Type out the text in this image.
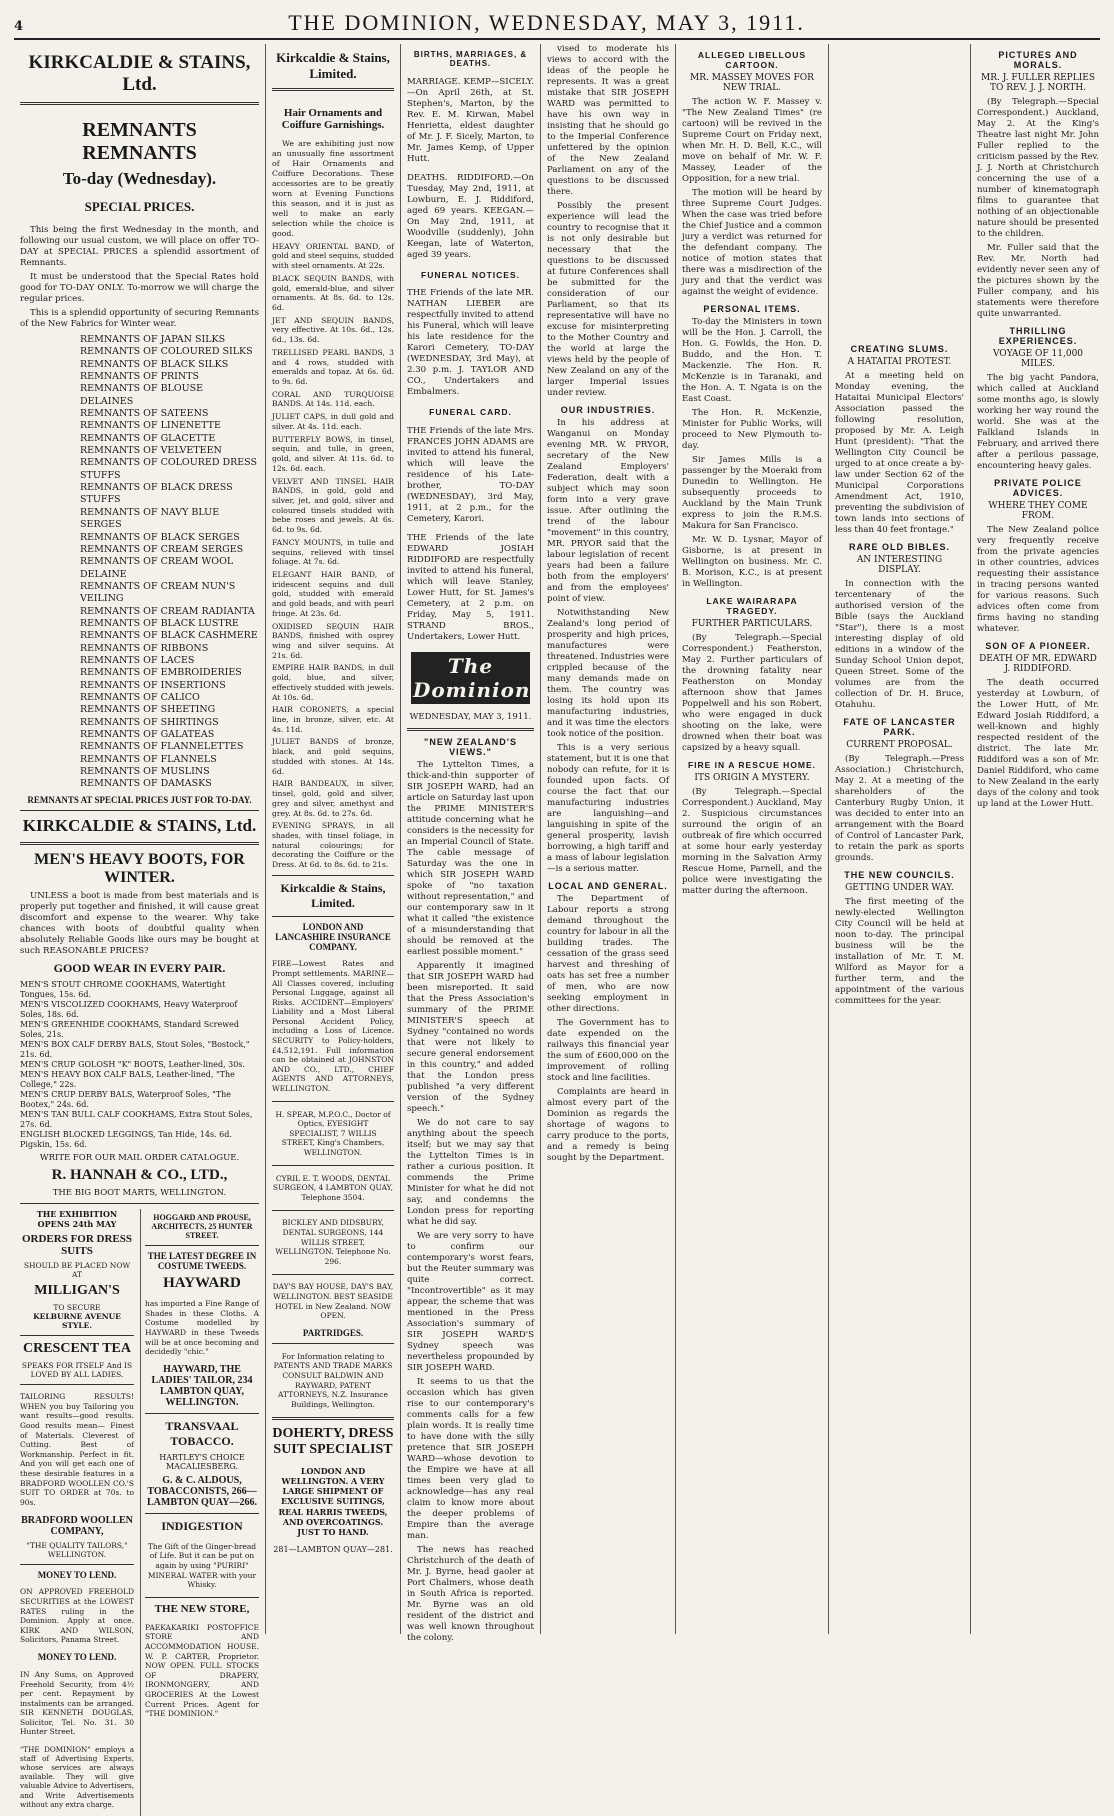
4	THE DOMINION, WEDNESDAY, MAY 3, 1911.
KIRKCALDIE & STAINS, Ltd.
REMNANTS REMNANTS
To-day (Wednesday).
SPECIAL PRICES.

This being the first Wednesday in the month, and following our usual custom, we will place on offer TO-DAY at SPECIAL PRICES a splendid assortment of Remnants.

It must be understood that the Special Rates hold good for TO-DAY ONLY. To-morrow we will charge the regular prices.

This is a splendid opportunity of securing Remnants of the New Fabrics for Winter wear.

REMNANTS OF JAPAN SILKS
REMNANTS OF COLOURED SILKS
REMNANTS OF BLACK SILKS
REMNANTS OF PRINTS
REMNANTS OF BLOUSE DELAINES
REMNANTS OF SATEENS
REMNANTS OF LINENETTE
REMNANTS OF GLACETTE
REMNANTS OF VELVETEEN
REMNANTS OF COLOURED DRESS STUFFS
REMNANTS OF BLACK DRESS STUFFS
REMNANTS OF NAVY BLUE SERGES
REMNANTS OF BLACK SERGES
REMNANTS OF CREAM SERGES
REMNANTS OF CREAM WOOL DELAINE
REMNANTS OF CREAM NUN'S VEILING
REMNANTS OF CREAM RADIANTA
REMNANTS OF BLACK LUSTRE
REMNANTS OF BLACK CASHMERE
REMNANTS OF RIBBONS
REMNANTS OF LACES
REMNANTS OF EMBROIDERIES
REMNANTS OF INSERTIONS
REMNANTS OF CALICO
REMNANTS OF SHEETING
REMNANTS OF SHIRTINGS
REMNANTS OF GALATEAS
REMNANTS OF FLANNELETTES
REMNANTS OF FLANNELS
REMNANTS OF MUSLINS
REMNANTS OF DAMASKS
REMNANTS AT SPECIAL PRICES JUST FOR TO-DAY.
KIRKCALDIE & STAINS, Ltd.
MEN'S HEAVY BOOTS, FOR WINTER.

UNLESS a boot is made from best materials and is properly put together and finished, it will cause great discomfort and expense to the wearer. Why take chances with boots of doubtful quality when absolutely Reliable Goods like ours may be bought at such REASONABLE PRICES?

GOOD WEAR IN EVERY PAIR.
MEN'S STOUT CHROME COOKHAMS, Watertight Tongues, 15s. 6d.
MEN'S VISCOLIZED COOKHAMS, Heavy Waterproof Soles, 18s. 6d.
MEN'S GREENHIDE COOKHAMS, Standard Screwed Soles, 21s.
MEN'S BOX CALF DERBY BALS, Stout Soles, "Bostock," 21s. 6d.
MEN'S CRUP GOLOSH "K" BOOTS, Leather-lined, 30s.
MEN'S HEAVY BOX CALF BALS, Leather-lined, "The College," 22s.
MEN'S CRUP DERBY BALS, Waterproof Soles, "The Bootex," 24s. 6d.
MEN'S TAN BULL CALF COOKHAMS, Extra Stout Soles, 27s. 6d.
ENGLISH BLOCKED LEGGINGS, Tan Hide, 14s. 6d. Pigskin, 15s. 6d.
WRITE FOR OUR MAIL ORDER CATALOGUE.
R. HANNAH & CO., LTD.,
THE BIG BOOT MARTS, WELLINGTON.
THE EXHIBITION OPENS 24th MAY
ORDERS FOR DRESS SUITS
SHOULD BE PLACED NOW AT
MILLIGAN'S
TO SECURE
KELBURNE AVENUE STYLE.
CRESCENT TEA
SPEAKS FOR ITSELF And IS LOVED BY ALL LADIES.

TAILORING RESULTS! WHEN you buy Tailoring you want results—good results. Good results mean— Finest of Materials. Cleverest of Cutting. Best of Workmanship. Perfect in fit. And you will get each one of these desirable features in a BRADFORD WOOLLEN CO.'S SUIT TO ORDER at 70s. to 90s.

BRADFORD WOOLLEN COMPANY,
"THE QUALITY TAILORS," WELLINGTON.
MONEY TO LEND.

ON APPROVED FREEHOLD SECURITIES at the LOWEST RATES ruling in the Dominion. Apply at once. KIRK AND WILSON, Solicitors, Panama Street.

MONEY TO LEND.

IN Any Sums, on Approved Freehold Security, from 4½ per cent. Repayment by instalments can be arranged. SIR KENNETH DOUGLAS, Solicitor, Tel. No. 31. 30 Hunter Street.

"THE DOMINION" employs a staff of Advertising Experts, whose services are always available. They will give valuable Advice to Advertisers, and Write Advertisements without any extra charge.

HOGGARD AND PROUSE, ARCHITECTS, 25 HUNTER STREET.
THE LATEST DEGREE IN COSTUME TWEEDS.
HAYWARD

has imported a Fine Range of Shades in these Cloths. A Costume modelled by HAYWARD in these Tweeds will be at once becoming and decidedly "chic."

HAYWARD, THE LADIES' TAILOR, 234 LAMBTON QUAY, WELLINGTON.
TRANSVAAL TOBACCO.
HARTLEY'S CHOICE MACALIESBERG.
G. & C. ALDOUS, TOBACCONISTS, 266—LAMBTON QUAY—266.
INDIGESTION

The Gift of the Ginger-bread of Life. But it can be put on again by using "PURIRI" MINERAL WATER with your Whisky.

THE NEW STORE,

PAEKAKARIKI POSTOFFICE STORE AND ACCOMMODATION HOUSE. W. P. CARTER, Proprietor. NOW OPEN. FULL STOCKS OF DRAPERY, IRONMONGERY, AND GROCERIES At the Lowest Current Prices. Agent for "THE DOMINION."

Kirkcaldie & Stains, Limited.
Hair Ornaments and Coiffure Garnishings.

We are exhibiting just now an unusually fine assortment of Hair Ornaments and Coiffure Decorations. These accessories are to be greatly worn at Evening Functions this season, and it is just as well to make an early selection while the choice is good.

HEAVY ORIENTAL BAND, of gold and steel sequins, studded with steel ornaments. At 22s.

BLACK SEQUIN BANDS, with gold, emerald-blue, and silver ornaments. At 8s. 6d. to 12s. 6d.

JET AND SEQUIN BANDS, very effective. At 10s. 6d., 12s. 6d., 13s. 6d.

TRELLISED PEARL BANDS, 3 and 4 rows, studded with emeralds and topaz. At 6s. 6d. to 9s. 6d.

CORAL AND TURQUOISE BANDS. At 14s. 11d. each.

JULIET CAPS, in dull gold and silver. At 4s. 11d. each.

BUTTERFLY BOWS, in tinsel, sequin, and tulle, in green, gold, and silver. At 11s. 6d. to 12s. 6d. each.

VELVET AND TINSEL HAIR BANDS, in gold, gold and silver, jet, and gold, silver and coloured tinsels studded with bebe roses and jewels. At 6s. 6d. to 9s. 6d.

FANCY MOUNTS, in tulle and sequins, relieved with tinsel foliage. At 7s. 6d.

ELEGANT HAIR BAND, of iridescent sequins and dull gold, studded with emerald and gold beads, and with pearl fringe. At 23s. 6d.

OXIDISED SEQUIN HAIR BANDS, finished with osprey wing and silver sequins. At 21s. 6d.

EMPIRE HAIR BANDS, in dull gold, blue, and silver, effectively studded with jewels. At 10s. 6d.

HAIR CORONETS, a special line, in bronze, silver, etc. At 4s. 11d.

JULIET BANDS of bronze, black, and gold sequins, studded with stones. At 14s. 6d.

HAIR BANDEAUX, in silver, tinsel, gold, gold and silver, grey and silver, amethyst and grey. At 8s. 6d. to 27s. 6d.

EVENING SPRAYS, in all shades, with tinsel foliage, in natural colourings; for decorating the Coiffure or the Dress. At 6d. to 8s. 6d. to 21s.

Kirkcaldie & Stains, Limited.
LONDON AND LANCASHIRE INSURANCE COMPANY.

FIRE—Lowest Rates and Prompt settlements. MARINE—All Classes covered, including Personal Luggage, against all Risks. ACCIDENT—Employers' Liability and a Most Liberal Personal Accident Policy, including a Loss of Licence. SECURITY to Policy-holders, £4,512,191. Full information can be obtained at JOHNSTON AND CO., LTD., CHIEF AGENTS AND ATTORNEYS, WELLINGTON.

H. SPEAR, M.P.O.C., Doctor of Optics, EYESIGHT SPECIALIST, 7 WILLIS STREET, King's Chambers, WELLINGTON.

CYRIL E. T. WOODS, DENTAL SURGEON, 4 LAMBTON QUAY, Telephone 3504.

BICKLEY AND DIDSBURY, DENTAL SURGEONS, 144 WILLIS STREET, WELLINGTON. Telephone No. 296.

DAY'S BAY HOUSE, DAY'S BAY, WELLINGTON. BEST SEASIDE HOTEL in New Zealand. NOW OPEN.

PARTRIDGES.

For Information relating to PATENTS AND TRADE MARKS CONSULT BALDWIN AND RAYWARD, PATENT ATTORNEYS, N.Z. Insurance Buildings, Wellington.

DOHERTY, DRESS SUIT SPECIALIST

LONDON AND WELLINGTON. A VERY LARGE SHIPMENT OF EXCLUSIVE SUITINGS, REAL HARRIS TWEEDS, AND OVERCOATINGS. JUST TO HAND.

281—LAMBTON QUAY—281.
BIRTHS, MARRIAGES, & DEATHS.

MARRIAGE. KEMP—SICELY.—On April 26th, at St. Stephen's, Marton, by the Rev. E. M. Kirwan, Mabel Henrietta, eldest daughter of Mr. J. F. Sicely, Marton, to Mr. James Kemp, of Upper Hutt.

DEATHS. RIDDIFORD.—On Tuesday, May 2nd, 1911, at Lowburn, E. J. Riddiford, aged 69 years. KEEGAN.—On May 2nd, 1911, at Woodville (suddenly), John Keegan, late of Waterton, aged 39 years.

FUNERAL NOTICES.

THE Friends of the late MR. NATHAN LIEBER are respectfully invited to attend his Funeral, which will leave his late residence for the Karori Cemetery, TO-DAY (WEDNESDAY, 3rd May), at 2.30 p.m. J. TAYLOR AND CO., Undertakers and Embalmers.

FUNERAL CARD.

THE Friends of the late Mrs. FRANCES JOHN ADAMS are invited to attend his funeral, which will leave the residence of his Late-brother, TO-DAY (WEDNESDAY), 3rd May, 1911, at 2 p.m., for the Cemetery, Karori.

THE Friends of the late EDWARD JOSIAH RIDDIFORD are respectfully invited to attend his funeral, which will leave Stanley, Lower Hutt, for St. James's Cemetery, at 2 p.m. on Friday, May 5, 1911. STRAND BROS., Undertakers, Lower Hutt.

The Dominion.
WEDNESDAY, MAY 3, 1911.
"NEW ZEALAND'S VIEWS."

The Lyttelton Times, a thick-and-thin supporter of SIR JOSEPH WARD, had an article on Saturday last upon the PRIME MINISTER'S attitude concerning what he considers is the necessity for an Imperial Council of State. The cable message of Saturday was the one in which SIR JOSEPH WARD spoke of "no taxation without representation," and our contemporary saw in it what it called "the existence of a misunderstanding that should be removed at the earliest possible moment."

Apparently it imagined that SIR JOSEPH WARD had been misreported. It said that the Press Association's summary of the PRIME MINISTER'S speech at Sydney "contained no words that were not likely to secure general endorsement in this country," and added that the London press published "a very different version of the Sydney speech."

We do not care to say anything about the speech itself; but we may say that the Lyttelton Times is in rather a curious position. It commends the Prime Minister for what he did not say, and condemns the London press for reporting what he did say.

We are very sorry to have to confirm our contemporary's worst fears, but the Reuter summary was quite correct. "Incontrovertible" as it may appear, the scheme that was mentioned in the Press Association's summary of SIR JOSEPH WARD'S Sydney speech was nevertheless propounded by SIR JOSEPH WARD.

It seems to us that the occasion which has given rise to our contemporary's comments calls for a few plain words. It is really time to have done with the silly pretence that SIR JOSEPH WARD—whose devotion to the Empire we have at all times been very glad to acknowledge—has any real claim to know more about the deeper problems of Empire than the average man.

The news has reached Christchurch of the death of Mr. J. Byrne, head gaoler at Port Chalmers, whose death in South Africa is reported. Mr. Byrne was an old resident of the district and was well known throughout the colony.

vised to moderate his views to accord with the ideas of the people he represents. It was a great mistake that SIR JOSEPH WARD was permitted to have his own way in insisting that he should go to the Imperial Conference unfettered by the opinion of the New Zealand Parliament on any of the questions to be discussed there.

Possibly the present experience will lead the country to recognise that it is not only desirable but necessary that the questions to be discussed at future Conferences shall be submitted for the consideration of our Parliament, so that its representative will have no excuse for misinterpreting to the Mother Country and the world at large the views held by the people of New Zealand on any of the larger Imperial issues under review.

OUR INDUSTRIES.

In his address at Wanganui on Monday evening MR. W. PRYOR, secretary of the New Zealand Employers' Federation, dealt with a subject which may soon form into a very grave issue. After outlining the trend of the labour "movement" in this country, MR. PRYOR said that the labour legislation of recent years had been a failure both from the employers' and from the employees' point of view.

Notwithstanding New Zealand's long period of prosperity and high prices, manufactures were threatened. Industries were crippled because of the many demands made on them. The country was losing its hold upon its manufacturing industries, and it was time the electors took notice of the position.

This is a very serious statement, but it is one that nobody can refute, for it is founded upon facts. Of course the fact that our manufacturing industries are languishing—and languishing in spite of the general prosperity, lavish borrowing, a high tariff and a mass of labour legislation—is a serious matter.

LOCAL AND GENERAL.

The Department of Labour reports a strong demand throughout the country for labour in all the building trades. The cessation of the grass seed harvest and threshing of oats has set free a number of men, who are now seeking employment in other directions.

The Government has to date expended on the railways this financial year the sum of £600,000 on the improvement of rolling stock and line facilities.

Complaints are heard in almost every part of the Dominion as regards the shortage of wagons to carry produce to the ports, and a remedy is being sought by the Department.

ALLEGED LIBELLOUS CARTOON.
MR. MASSEY MOVES FOR NEW TRIAL.

The action W. F. Massey v. "The New Zealand Times" (re cartoon) will be revived in the Supreme Court on Friday next, when Mr. H. D. Bell, K.C., will move on behalf of Mr. W. F. Massey, Leader of the Opposition, for a new trial.

The motion will be heard by three Supreme Court Judges. When the case was tried before the Chief Justice and a common jury a verdict was returned for the defendant company. The notice of motion states that there was a misdirection of the jury and that the verdict was against the weight of evidence.

PERSONAL ITEMS.

To-day the Ministers in town will be the Hon. J. Carroll, the Hon. G. Fowlds, the Hon. D. Buddo, and the Hon. T. Mackenzie. The Hon. R. McKenzie is in Taranaki, and the Hon. A. T. Ngata is on the East Coast.

The Hon. R. McKenzie, Minister for Public Works, will proceed to New Plymouth to-day.

Sir James Mills is a passenger by the Moeraki from Dunedin to Wellington. He subsequently proceeds to Auckland by the Main Trunk express to join the R.M.S. Makura for San Francisco.

Mr. W. D. Lysnar, Mayor of Gisborne, is at present in Wellington on business. Mr. C. B. Morison, K.C., is at present in Wellington.

LAKE WAIRARAPA TRAGEDY.
FURTHER PARTICULARS.

(By Telegraph.—Special Correspondent.) Featherston, May 2. Further particulars of the drowning fatality near Featherston on Monday afternoon show that James Poppelwell and his son Robert, who were engaged in duck shooting on the lake, were drowned when their boat was capsized by a heavy squall.

FIRE IN A RESCUE HOME.
ITS ORIGIN A MYSTERY.

(By Telegraph.—Special Correspondent.) Auckland, May 2. Suspicious circumstances surround the origin of an outbreak of fire which occurred at some hour early yesterday morning in the Salvation Army Rescue Home, Parnell, and the police were investigating the matter during the afternoon.

CREATING SLUMS.
A HATAITAI PROTEST.

At a meeting held on Monday evening, the Hataitai Municipal Electors' Association passed the following resolution, proposed by Mr. A. Leigh Hunt (president): "That the Wellington City Council be urged to at once create a by-law under Section 62 of the Municipal Corporations Amendment Act, 1910, preventing the subdivision of town lands into sections of less than 40 feet frontage."

RARE OLD BIBLES.
AN INTERESTING DISPLAY.

In connection with the tercentenary of the authorised version of the Bible (says the Auckland "Star"), there is a most interesting display of old editions in a window of the Sunday School Union depot, Queen Street. Some of the volumes are from the collection of Dr. H. Bruce, Otahuhu.

FATE OF LANCASTER PARK.
CURRENT PROPOSAL.

(By Telegraph.—Press Association.) Christchurch, May 2. At a meeting of the shareholders of the Canterbury Rugby Union, it was decided to enter into an arrangement with the Board of Control of Lancaster Park, to retain the park as sports grounds.

THE NEW COUNCILS.
GETTING UNDER WAY.

The first meeting of the newly-elected Wellington City Council will be held at noon to-day. The principal business will be the installation of Mr. T. M. Wilford as Mayor for a further term, and the appointment of the various committees for the year.

PICTURES AND MORALS.
MR. J. FULLER REPLIES TO REV. J. J. NORTH.

(By Telegraph.—Special Correspondent.) Auckland, May 2. At the King's Theatre last night Mr. John Fuller replied to the criticism passed by the Rev. J. J. North at Christchurch concerning the use of a number of kinematograph films to guarantee that nothing of an objectionable nature should be presented to the children.

Mr. Fuller said that the Rev. Mr. North had evidently never seen any of the pictures shown by the Fuller company, and his statements were therefore quite unwarranted.

THRILLING EXPERIENCES.
VOYAGE OF 11,000 MILES.

The big yacht Pandora, which called at Auckland some months ago, is slowly working her way round the world. She was at the Falkland Islands in February, and arrived there after a perilous passage, encountering heavy gales.

PRIVATE POLICE ADVICES.
WHERE THEY COME FROM.

The New Zealand police very frequently receive from the private agencies in other countries, advices requesting their assistance in tracing persons wanted for various reasons. Such advices often come from firms having no standing whatever.

SON OF A PIONEER.
DEATH OF MR. EDWARD J. RIDDIFORD.

The death occurred yesterday at Lowburn, of the Lower Hutt, of Mr. Edward Josiah Riddiford, a well-known and highly respected resident of the district. The late Mr. Riddiford was a son of Mr. Daniel Riddiford, who came to New Zealand in the early days of the colony and took up land at the Lower Hutt.
